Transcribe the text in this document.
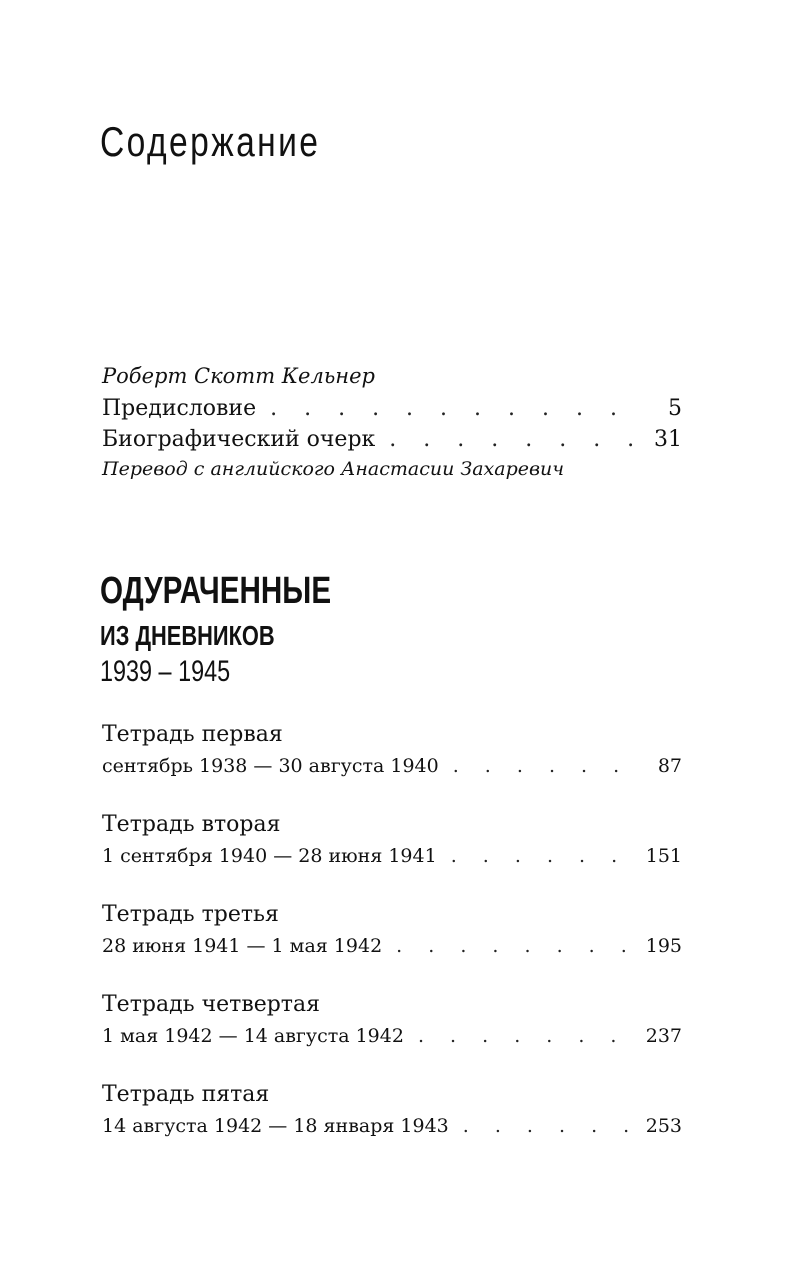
Содержание
Роберт Скотт Кельнер
Предисловие . . .	5
Биографический очерк . . .	31
Перевод с английского Анастасии Захаревич
ОДУРАЧЕННЫЕ
ИЗ ДНЕВНИКОВ
1939 – 1945
Тетрадь первая
сентябрь 1938 — 30 августа 1940 . . .	87
Тетрадь вторая
1 сентября 1940 — 28 июня 1941 . . .	151
Тетрадь третья
28 июня 1941 — 1 мая 1942 . . .	195
Тетрадь четвертая
1 мая 1942 — 14 августа 1942 . . .	237
Тетрадь пятая
14 августа 1942 — 18 января 1943 . . .	253
